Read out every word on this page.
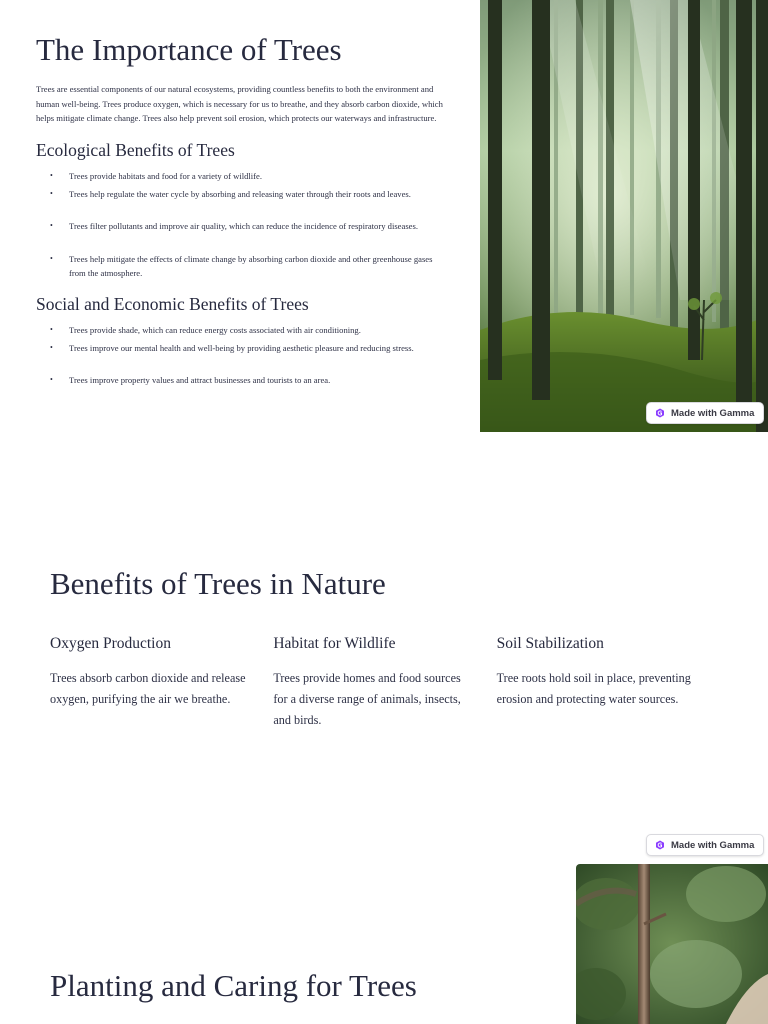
The Importance of Trees

Trees are essential components of our natural ecosystems, providing countless benefits to both the environment and human well-being. Trees produce oxygen, which is necessary for us to breathe, and they absorb carbon dioxide, which helps mitigate climate change. Trees also help prevent soil erosion, which protects our waterways and infrastructure.

Ecological Benefits of Trees
• Trees provide habitats and food for a variety of wildlife.
• Trees help regulate the water cycle by absorbing and releasing water through their roots and leaves.
• Trees filter pollutants and improve air quality, which can reduce the incidence of respiratory diseases.
• Trees help mitigate the effects of climate change by absorbing carbon dioxide and other greenhouse gases from the atmosphere.
Social and Economic Benefits of Trees
• Trees provide shade, which can reduce energy costs associated with air conditioning.
• Trees improve our mental health and well-being by providing aesthetic pleasure and reducing stress.
• Trees improve property values and attract businesses and tourists to an area.
Made with Gamma
Benefits of Trees in Nature
Oxygen Production

Trees absorb carbon dioxide and release oxygen, purifying the air we breathe.

Habitat for Wildlife

Trees provide homes and food sources for a diverse range of animals, insects, and birds.

Soil Stabilization

Tree roots hold soil in place, preventing erosion and protecting water sources.

Made with Gamma
Planting and Caring for Trees
